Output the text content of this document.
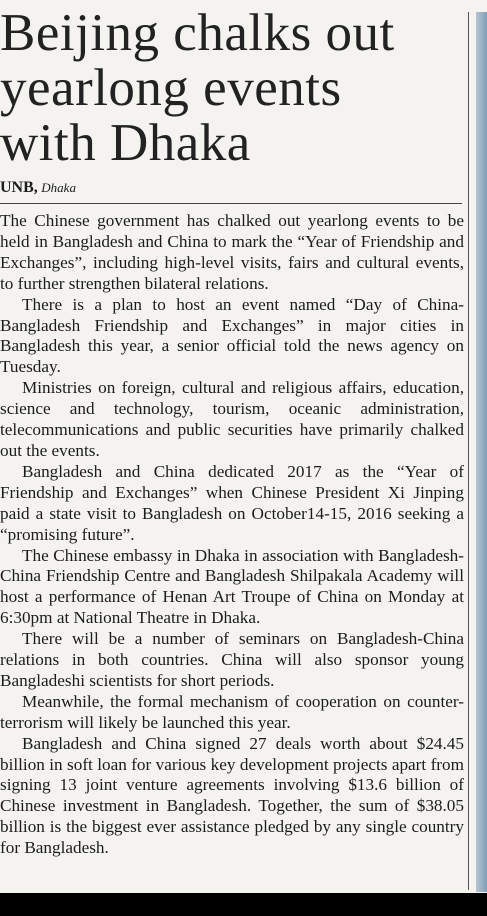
Beijing chalks out
yearlong events
with Dhaka
UNB, Dhaka

The Chinese government has chalked out yearlong events to be held in Bangladesh and China to mark the “Year of Friendship and Exchanges”, including high-level visits, fairs and cultural events, to further strengthen bilateral relations.

There is a plan to host an event named “Day of China-Bangladesh Friendship and Exchanges” in major cities in Bangladesh this year, a senior official told the news agency on Tuesday.

Ministries on foreign, cultural and religious affairs, education, science and technology, tourism, oceanic administration, telecommunications and public securities have primarily chalked out the events.

Bangladesh and China dedicated 2017 as the “Year of Friendship and Exchanges” when Chinese President Xi Jinping paid a state visit to Bangladesh on October14-15, 2016 seeking a “promising future”.

The Chinese embassy in Dhaka in association with Bangladesh-China Friendship Centre and Bangladesh Shilpakala Academy will host a performance of Henan Art Troupe of China on Monday at 6:30pm at National Theatre in Dhaka.

There will be a number of seminars on Bangladesh-China relations in both countries. China will also sponsor young Bangladeshi scientists for short periods.

Meanwhile, the formal mechanism of cooperation on counter-terrorism will likely be launched this year.

Bangladesh and China signed 27 deals worth about $24.45 billion in soft loan for various key development projects apart from signing 13 joint venture agreements involving $13.6 billion of Chinese investment in Bangladesh. Together, the sum of $38.05 billion is the biggest ever assistance pledged by any single country for Bangladesh.
